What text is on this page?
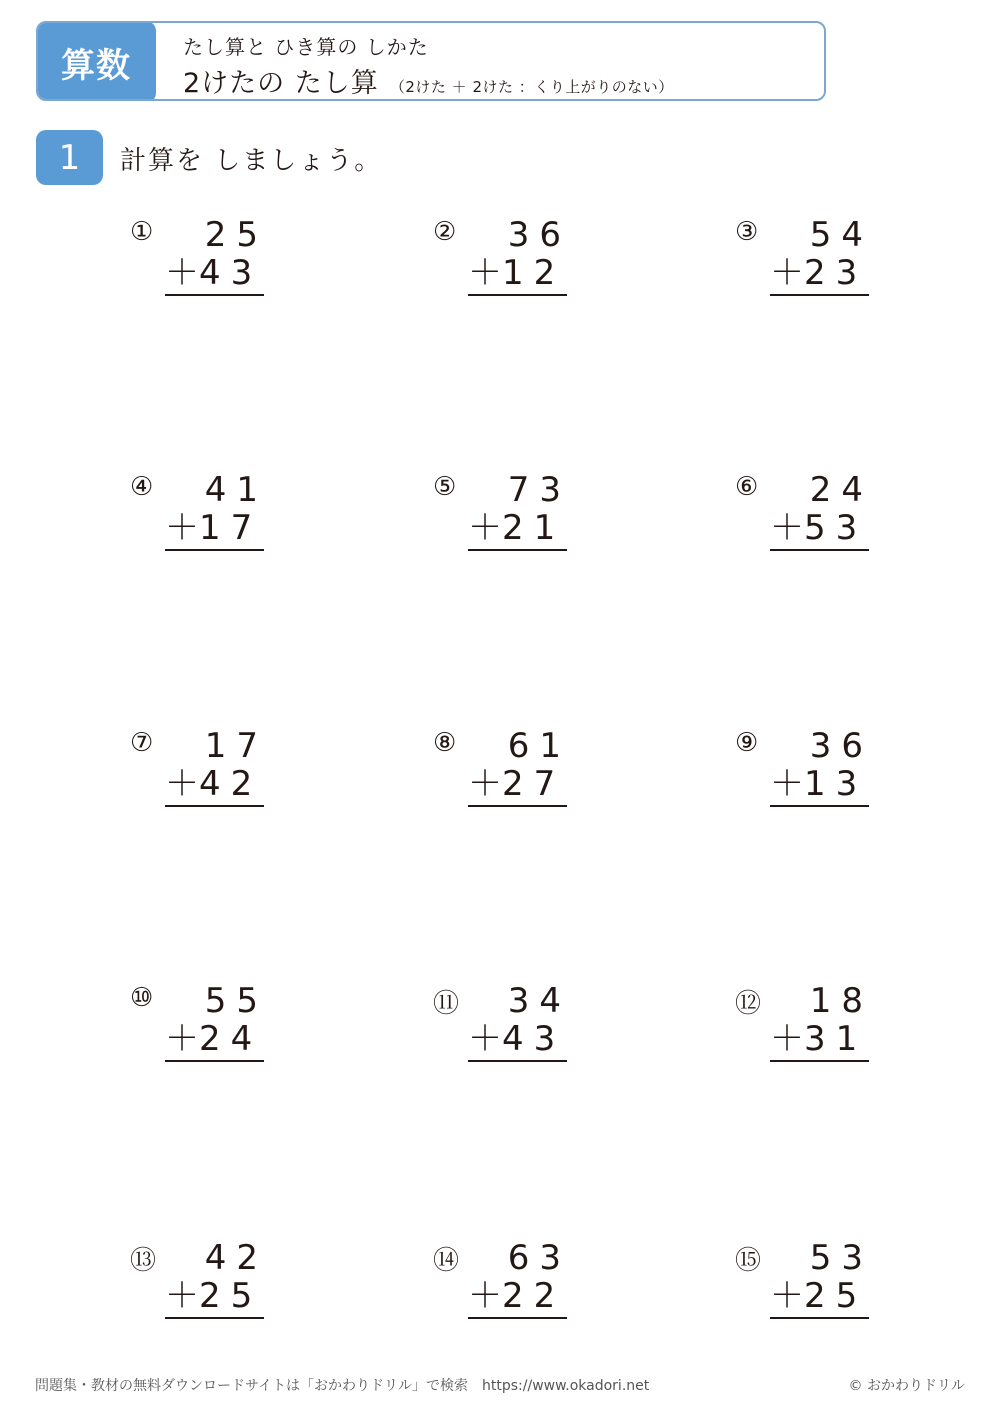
算数	たし算と ひき算の しかた
2けたの たし算 （2けた ＋ 2けた ：くり上がりのない）
1	計算を しましょう。
① 25
＋43
② 36
＋12
③ 54
＋23
④ 41
＋17
⑤ 73
＋21
⑥ 24
＋53
⑦ 17
＋42
⑧ 61
＋27
⑨ 36
＋13
⑩ 55
＋24
⑪ 34
＋43
⑫ 18
＋31
⑬ 42
＋25
⑭ 63
＋22
⑮ 53
＋25
問題集・教材の無料ダウンロードサイトは「おかわりドリル」で検索　https://www.okadori.net	© おかわりドリル
